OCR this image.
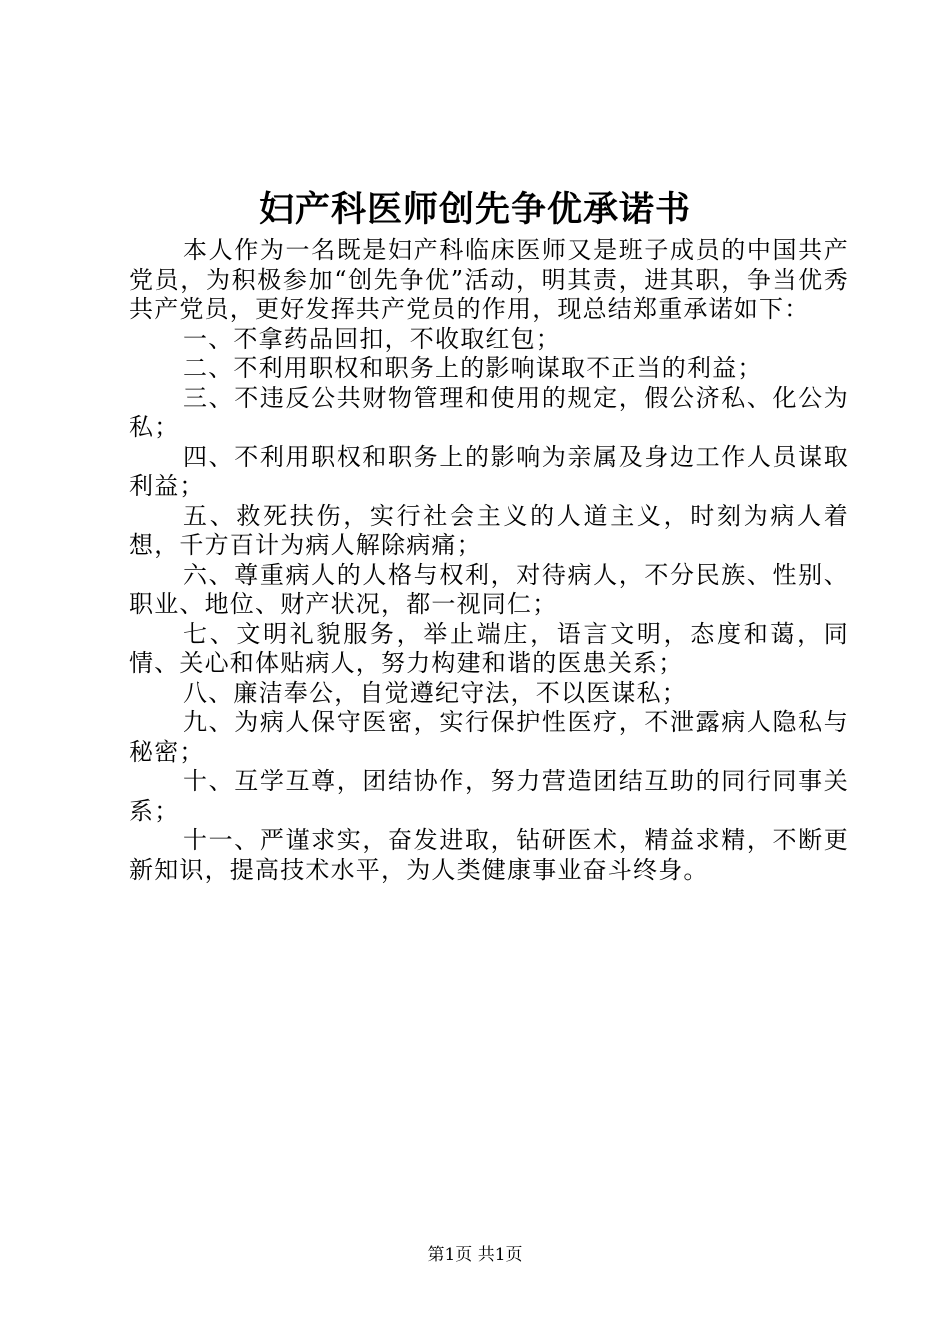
妇产科医师创先争优承诺书

本人作为一名既是妇产科临床医师又是班子成员的中国共产党员，为积极参加“创先争优”活动，明其责，进其职，争当优秀共产党员，更好发挥共产党员的作用，现总结郑重承诺如下：

一、不拿药品回扣，不收取红包；

二、不利用职权和职务上的影响谋取不正当的利益；

三、不违反公共财物管理和使用的规定，假公济私、化公为私；

四、不利用职权和职务上的影响为亲属及身边工作人员谋取利益；

五、救死扶伤，实行社会主义的人道主义，时刻为病人着想，千方百计为病人解除病痛；

六、尊重病人的人格与权利，对待病人，不分民族、性别、职业、地位、财产状况，都一视同仁；

七、文明礼貌服务，举止端庄，语言文明，态度和蔼，同情、关心和体贴病人，努力构建和谐的医患关系；

八、廉洁奉公，自觉遵纪守法，不以医谋私；

九、为病人保守医密，实行保护性医疗，不泄露病人隐私与秘密；

十、互学互尊，团结协作，努力营造团结互助的同行同事关系；

十一、严谨求实，奋发进取，钻研医术，精益求精，不断更新知识，提高技术水平，为人类健康事业奋斗终身。

第1页 共1页
